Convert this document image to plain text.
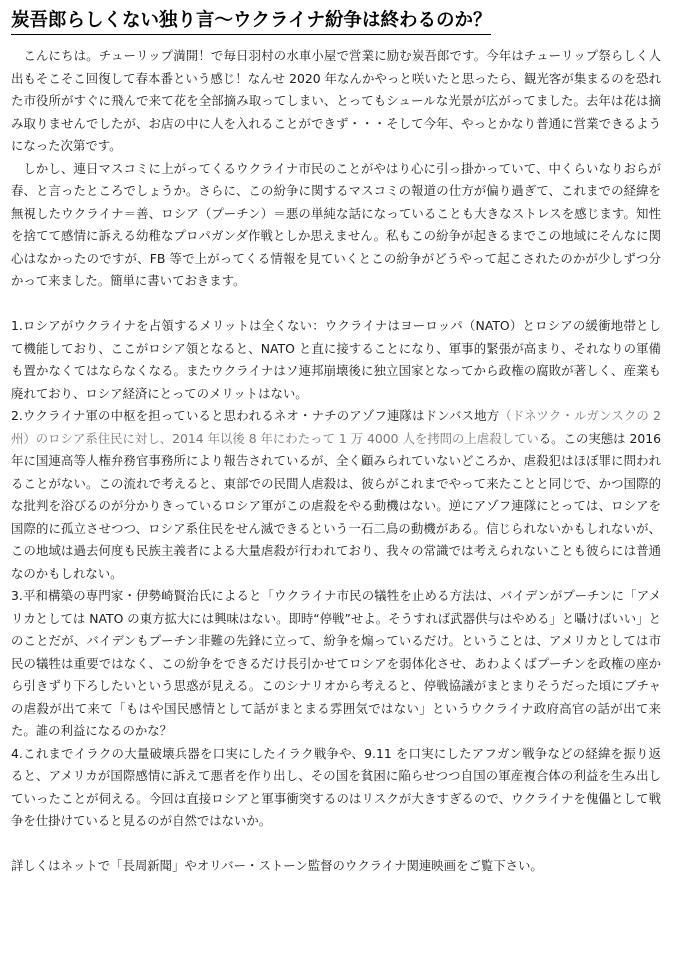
炭吾郎らしくない独り言～ウクライナ紛争は終わるのか？

こんにちは。チューリップ満開！で毎日羽村の水車小屋で営業に励む炭吾郎です。今年はチューリップ祭らしく人出もそこそこ回復して春本番という感じ！なんせ 2020 年なんかやっと咲いたと思ったら、観光客が集まるのを恐れた市役所がすぐに飛んで来て花を全部摘み取ってしまい、とってもシュールな光景が広がってました。去年は花は摘み取りませんでしたが、お店の中に人を入れることができず・・・そして今年、やっとかなり普通に営業できるようになった次第です。

しかし、連日マスコミに上がってくるウクライナ市民のことがやはり心に引っ掛かっていて、中くらいなりおらが春、と言ったところでしょうか。さらに、この紛争に関するマスコミの報道の仕方が偏り過ぎて、これまでの経緯を無視したウクライナ＝善、ロシア（プーチン）＝悪の単純な話になっていることも大きなストレスを感じます。知性を捨てて感情に訴える幼稚なプロパガンダ作戦としか思えません。私もこの紛争が起きるまでこの地域にそんなに関心はなかったのですが、FB 等で上がってくる情報を見ていくとこの紛争がどうやって起こされたのかが少しずつ分かって来ました。簡単に書いておきます。

1.ロシアがウクライナを占領するメリットは全くない：ウクライナはヨーロッパ（NATO）とロシアの緩衝地帯として機能しており、ここがロシア領となると、NATO と直に接することになり、軍事的緊張が高まり、それなりの軍備も置かなくてはならなくなる。またウクライナはソ連邦崩壊後に独立国家となってから政権の腐敗が著しく、産業も廃れており、ロシア経済にとってのメリットはない。

2.ウクライナ軍の中枢を担っていると思われるネオ・ナチのアゾフ連隊はドンバス地方（ドネツク・ルガンスクの 2 州）のロシア系住民に対し、2014 年以後 8 年にわたって 1 万 4000 人を拷問の上虐殺している。この実態は 2016 年に国連高等人権弁務官事務所により報告されているが、全く顧みられていないどころか、虐殺犯はほぼ罪に問われることがない。この流れで考えると、東部での民間人虐殺は、彼らがこれまでやって来たことと同じで、かつ国際的な批判を浴びるのが分かりきっているロシア軍がこの虐殺をやる動機はない。逆にアゾフ連隊にとっては、ロシアを国際的に孤立させつつ、ロシア系住民をせん滅できるという一石二鳥の動機がある。信じられないかもしれないが、この地域は過去何度も民族主義者による大量虐殺が行われており、我々の常識では考えられないことも彼らには普通なのかもしれない。

3.平和構築の専門家・伊勢崎賢治氏によると「ウクライナ市民の犠牲を止める方法は、バイデンがプーチンに「アメリカとしては NATO の東方拡大には興味はない。即時“停戦”せよ。そうすれば武器供与はやめる」と囁けばいい」とのことだが、バイデンもプーチン非難の先鋒に立って、紛争を煽っているだけ。ということは、アメリカとしては市民の犠牲は重要ではなく、この紛争をできるだけ長引かせてロシアを弱体化させ、あわよくばプーチンを政権の座から引きずり下ろしたいという思惑が見える。このシナリオから考えると、停戦協議がまとまりそうだった頃にブチャの虐殺が出て来て「もはや国民感情として話がまとまる雰囲気ではない」というウクライナ政府高官の話が出て来た。誰の利益になるのかな？

4.これまでイラクの大量破壊兵器を口実にしたイラク戦争や、9.11 を口実にしたアフガン戦争などの経緯を振り返ると、アメリカが国際感情に訴えて悪者を作り出し、その国を貧困に陥らせつつ自国の軍産複合体の利益を生み出していったことが伺える。今回は直接ロシアと軍事衝突するのはリスクが大きすぎるので、ウクライナを傀儡として戦争を仕掛けていると見るのが自然ではないか。

詳しくはネットで「長周新聞」やオリバー・ストーン監督のウクライナ関連映画をご覧下さい。
